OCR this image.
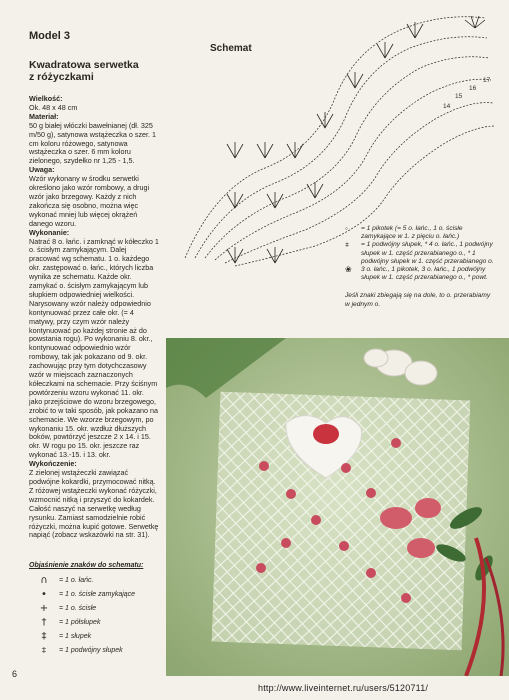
Model 3
Kwadratowa serwetka
z różyczkami

Wielkość:

Ok. 48 x 48 cm

Materiał:

50 g białej włóczki bawełnianej (dł. 325 m/50 g), satynowa wstążeczka o szer. 1 cm koloru różowego, satynowa wstążeczka o szer. 6 mm koloru zielonego, szydełko nr 1,25 - 1,5.

Uwaga:

Wzór wykonany w środku serwetki określono jako wzór rombowy, a drugi wzór jako brzegowy. Każdy z nich zakończa się osobno, można więc wykonać mniej lub więcej okrążeń danego wzoru.

Wykonanie:

Natrać 8 o. łańc. i zamknąć w kółeczko 1 o. ścisłym zamykającym. Dalej pracować wg schematu. 1 o. każdego okr. zastępować o. łańc., których liczba wynika ze schematu. Każde okr. zamykać o. ścisłym zamykającym lub słupkiem odpowiedniej wielkości. Narysowany wzór należy odpowiednio kontynuować przez całe okr. (= 4 matywy, przy czym wzór należy kontynuować po każdej stronie aż do powstania rogu). Po wykonaniu 8. okr., kontynuować odpowiednio wzór rombowy, tak jak pokazano od 9. okr. zachowując przy tym dotychczasowy wzór w miejscach zaznaczonych kółeczkami na schemacie. Przy ściśnym powtórzeniu wzoru wykonać 11. okr. jako przejściowe do wzoru brzegowego, zrobić to w taki sposób, jak pokazano na schemacie. We wzorze brzegowym, po wykonaniu 15. okr. wzdłuż dłuższych boków, powtórzyć jeszcze 2 x 14. i 15. okr. W rogu po 15. okr. jeszcze raz wykonać 13.-15. i 13. okr.

Wykończenie:

Z zielonej wstążeczki zawiązać podwójne kokardki, przymocować nitką. Z różowej wstążeczki wykonać różyczki, wzmocnić nitką i przyszyć do kokardek. Całość naszyć na serwetkę według rysunku. Zamiast samodzielnie robić różyczki, można kupić gotowe. Serwetkę napiąć (zobacz wskazówki na str. 31).

Objaśnienie znaków do schematu:
∩	= 1 o. łańc.
•	= 1 o. ścisłe zamykające
+	= 1 o. ścisłe
†	= 1 półsłupek
‡	= 1 słupek
⧧	= 1 podwójny słupek
Schemat
14
15
16
17
◦	= 1 pikotek (= 5 o. łańc., 1 o. ścisłe zamykające w 1. z pięciu o. łańc.)
⧧	= 1 podwójny słupek, * 4 o. łańc., 1 podwójny słupek w 1. część przerabianego o., * 1 podwójny słupek w 1. część przerabianego o.
❀	3 o. łańc., 1 pikotek, 3 o. łańc., 1 podwójny słupek w 1. część przerabianego o., * powt.
Jeśli znaki zbiegają się na dole, to o. przerabiamy w jednym o.
6
http://www.liveinternet.ru/users/5120711/
